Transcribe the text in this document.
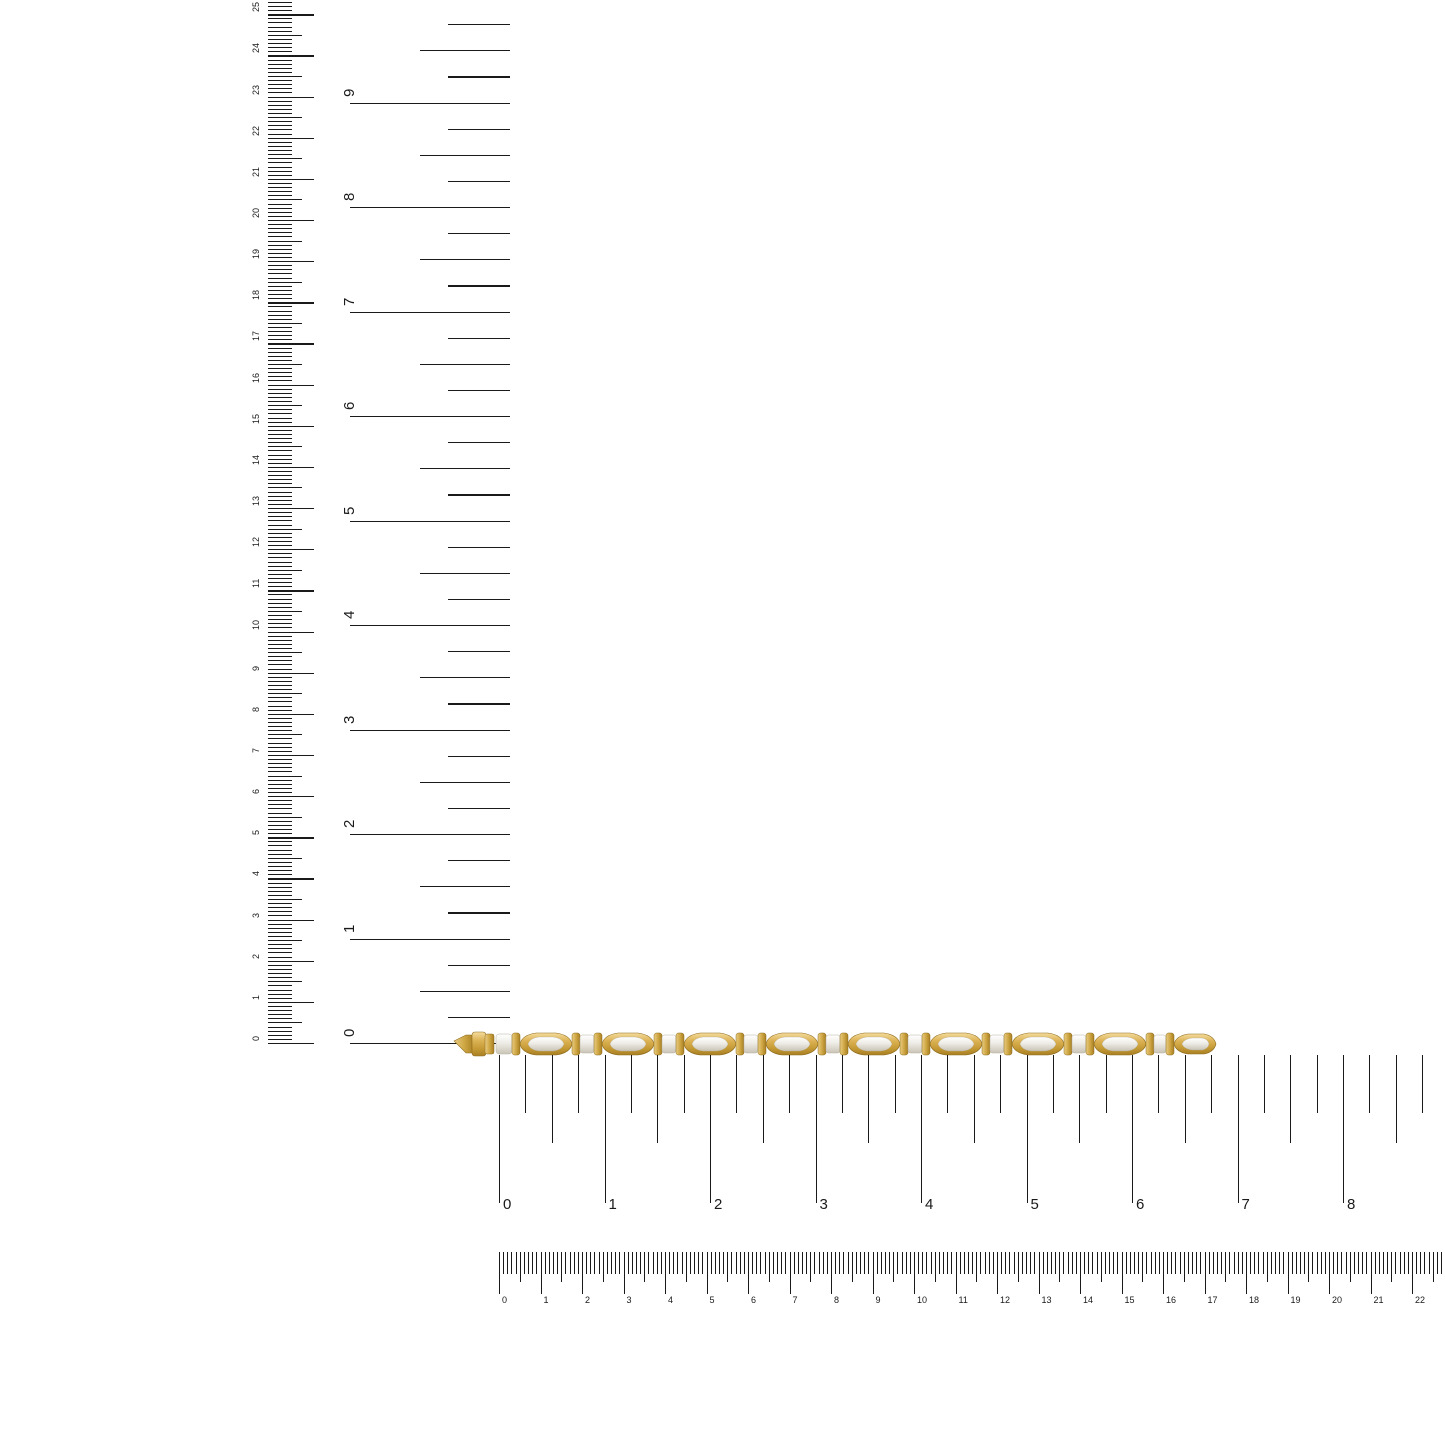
0
1
2
3
4
5
6
7
8
9
10
11
12
13
14
15
16
17
18
19
20
21
22
23
24
25
0
1
2
3
4
5
6
7
8
9
0	1	2	3	4	5	6	7	8
0	1	2	3	4	5	6	7	8	9	10	11	12	13	14	15	16	17	18	19	20	21	22
